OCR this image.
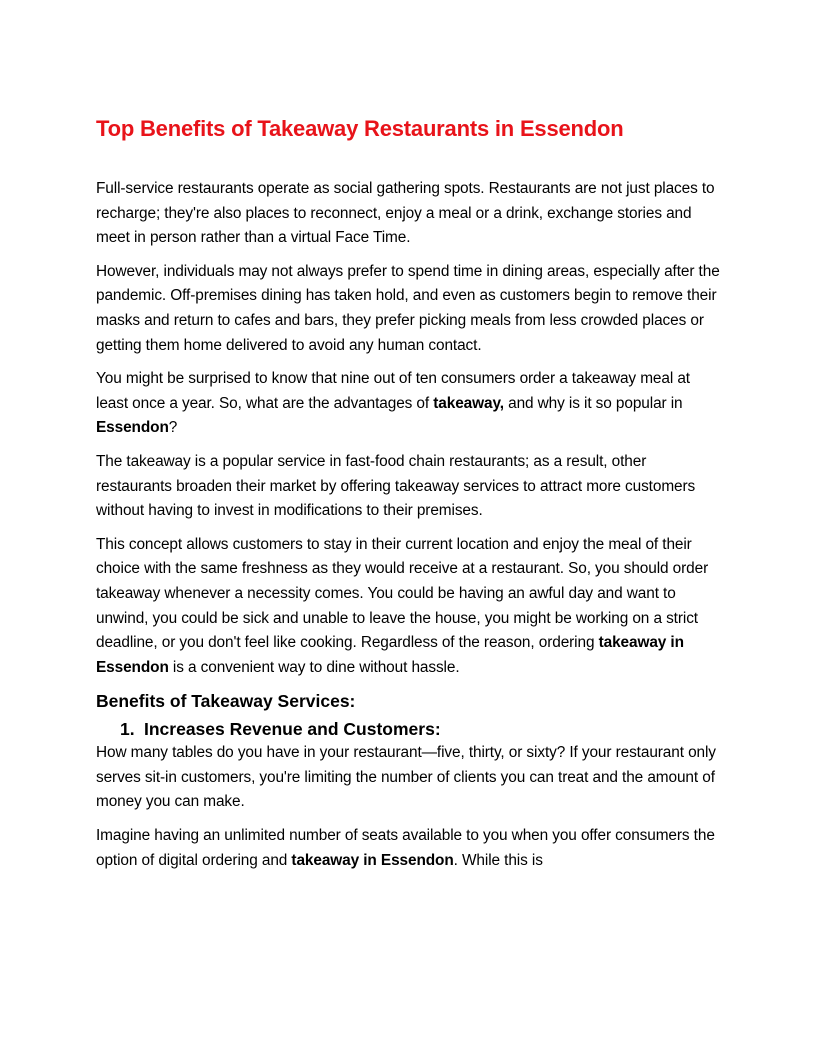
Top Benefits of Takeaway Restaurants in Essendon

Full-service restaurants operate as social gathering spots. Restaurants are not just places to recharge; they're also places to reconnect, enjoy a meal or a drink, exchange stories and meet in person rather than a virtual Face Time.

However, individuals may not always prefer to spend time in dining areas, especially after the pandemic. Off-premises dining has taken hold, and even as customers begin to remove their masks and return to cafes and bars, they prefer picking meals from less crowded places or getting them home delivered to avoid any human contact.

You might be surprised to know that nine out of ten consumers order a takeaway meal at least once a year. So, what are the advantages of takeaway, and why is it so popular in Essendon?

The takeaway is a popular service in fast-food chain restaurants; as a result, other restaurants broaden their market by offering takeaway services to attract more customers without having to invest in modifications to their premises.

This concept allows customers to stay in their current location and enjoy the meal of their choice with the same freshness as they would receive at a restaurant. So, you should order takeaway whenever a necessity comes. You could be having an awful day and want to unwind, you could be sick and unable to leave the house, you might be working on a strict deadline, or you don't feel like cooking. Regardless of the reason, ordering takeaway in Essendon is a convenient way to dine without hassle.

Benefits of Takeaway Services:
1. Increases Revenue and Customers:

How many tables do you have in your restaurant—five, thirty, or sixty? If your restaurant only serves sit-in customers, you're limiting the number of clients you can treat and the amount of money you can make.

Imagine having an unlimited number of seats available to you when you offer consumers the option of digital ordering and takeaway in Essendon. While this is
